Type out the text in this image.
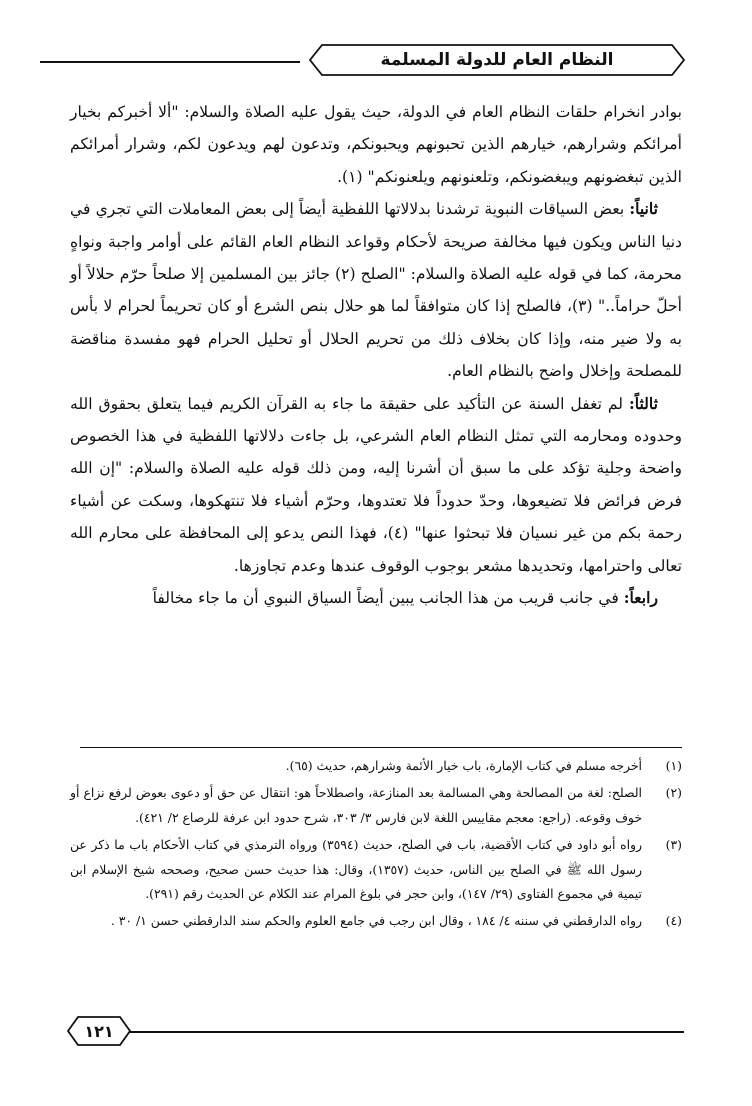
النظام العام للدولة المسلمة

بوادر انخرام حلقات النظام العام في الدولة، حيث يقول عليه الصلاة والسلام: "ألا أخبركم بخيار أمرائكم وشرارهم، خيارهم الذين تحبونهم ويحبونكم، وتدعون لهم ويدعون لكم، وشرار أمرائكم الذين تبغضونهم ويبغضونكم، وتلعنونهم ويلعنونكم" (١).

ثانياً: بعض السياقات النبوية ترشدنا بدلالاتها اللفظية أيضاً إلى بعض المعاملات التي تجري في دنيا الناس ويكون فيها مخالفة صريحة لأحكام وقواعد النظام العام القائم على أوامر واجبة ونواهٍ محرمة، كما في قوله عليه الصلاة والسلام: "الصلح (٢) جائز بين المسلمين إلا صلحاً حرّم حلالاً أو أحلّ حراماً.." (٣)، فالصلح إذا كان متوافقاً لما هو حلال بنص الشرع أو كان تحريماً لحرام لا بأس به ولا ضير منه، وإذا كان بخلاف ذلك من تحريم الحلال أو تحليل الحرام فهو مفسدة مناقضة للمصلحة وإخلال واضح بالنظام العام.

ثالثاً: لم تغفل السنة عن التأكيد على حقيقة ما جاء به القرآن الكريم فيما يتعلق بحقوق الله وحدوده ومحارمه التي تمثل النظام العام الشرعي، بل جاءت دلالاتها اللفظية في هذا الخصوص واضحة وجلية تؤكد على ما سبق أن أشرنا إليه، ومن ذلك قوله عليه الصلاة والسلام: "إن الله فرض فرائض فلا تضيعوها، وحدّ حدوداً فلا تعتدوها، وحرّم أشياء فلا تنتهكوها، وسكت عن أشياء رحمة بكم من غير نسيان فلا تبحثوا عنها" (٤)، فهذا النص يدعو إلى المحافظة على محارم الله تعالى واحترامها، وتحديدها مشعر بوجوب الوقوف عندها وعدم تجاوزها.

رابعاً: في جانب قريب من هذا الجانب يبين أيضاً السياق النبوي أن ما جاء مخالفاً

(١)
أخرجه مسلم في كتاب الإمارة، باب خيار الأئمة وشرارهم، حديث (٦٥).
(٢)
الصلح: لغة من المصالحة وهي المسالمة بعد المنازعة، واصطلاحاً هو: انتقال عن حق أو دعوى بعوض لرفع نزاع أو خوف وقوعه. (راجع: معجم مقاييس اللغة لابن فارس ٣/ ٣٠٣، شرح حدود ابن عرفة للرصاع ٢/ ٤٢١).
(٣)
رواه أبو داود في كتاب الأقضية، باب في الصلح، حديث (٣٥٩٤) ورواه الترمذي في كتاب الأحكام باب ما ذكر عن رسول الله ﷺ في الصلح بين الناس، حديث (١٣٥٧)، وقال: هذا حديث حسن صحيح، وصححه شيخ الإسلام ابن تيمية في مجموع الفتاوى (٢٩/ ١٤٧)، وابن حجر في بلوغ المرام عند الكلام عن الحديث رقم (٢٩١).
(٤)
رواه الدارقطني في سننه ٤/ ١٨٤ ، وقال ابن رجب في جامع العلوم والحكم سند الدارقطني حسن ١/ ٣٠ .
١٢١
